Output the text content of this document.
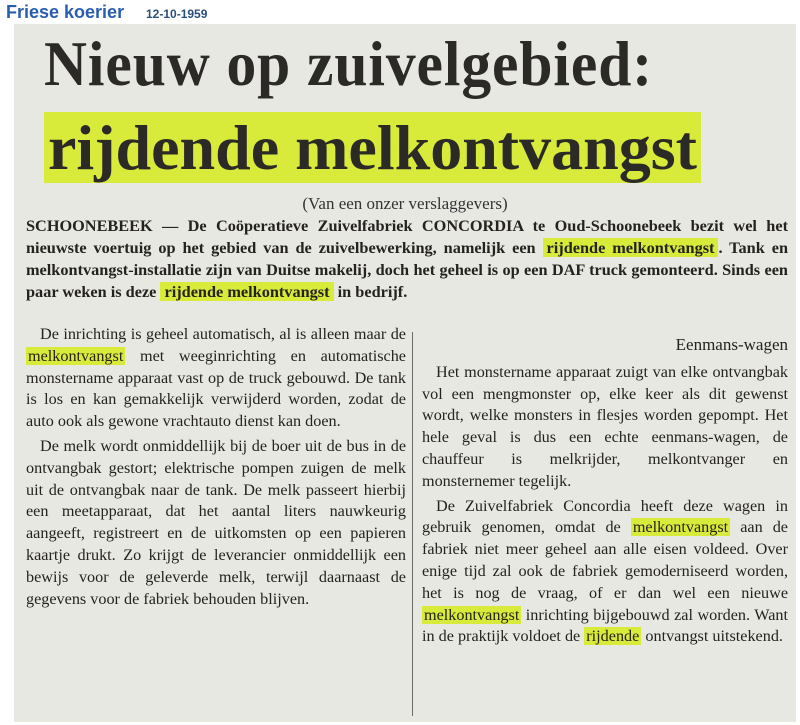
Friese koerier 12-10-1959
Nieuw op zuivelgebied:
rijdende melkontvangst
(Van een onzer verslaggevers)
SCHOONEBEEK — De Coöperatieve Zuivelfabriek CONCORDIA te Oud-Schoonebeek bezit wel het nieuwste voertuig op het gebied van de zuivelbewerking, namelijk een rijdende melkontvangst . Tank en melkontvangst-installatie zijn van Duitse makelij, doch het geheel is op een DAF truck gemonteerd. Sinds een paar weken is deze rijdende melkontvangst in bedrijf.

De inrichting is geheel automatisch, al is alleen maar de melkontvangst met weeginrichting en automatische monstername apparaat vast op de truck gebouwd. De tank is los en kan gemakkelijk verwijderd worden, zodat de auto ook als gewone vrachtauto dienst kan doen.

De melk wordt onmiddellijk bij de boer uit de bus in de ontvangbak gestort; elektrische pompen zuigen de melk uit de ontvangbak naar de tank. De melk passeert hierbij een meetapparaat, dat het aantal liters nauwkeurig aangeeft, registreert en de uitkomsten op een papieren kaartje drukt. Zo krijgt de leverancier onmiddellijk een bewijs voor de geleverde melk, terwijl daarnaast de gegevens voor de fabriek behouden blijven.

Eenmans-wagen

Het monstername apparaat zuigt van elke ontvangbak vol een mengmonster op, elke keer als dit gewenst wordt, welke monsters in flesjes worden gepompt. Het hele geval is dus een echte eenmans-wagen, de chauffeur is melkrijder, melkontvanger en monsternemer tegelijk.

De Zuivelfabriek Concordia heeft deze wagen in gebruik genomen, omdat de melkontvangst aan de fabriek niet meer geheel aan alle eisen voldeed. Over enige tijd zal ook de fabriek gemoderniseerd worden, het is nog de vraag, of er dan wel een nieuwe melkontvangst inrichting bijgebouwd zal worden. Want in de praktijk voldoet de rijdende ontvangst uitstekend.
